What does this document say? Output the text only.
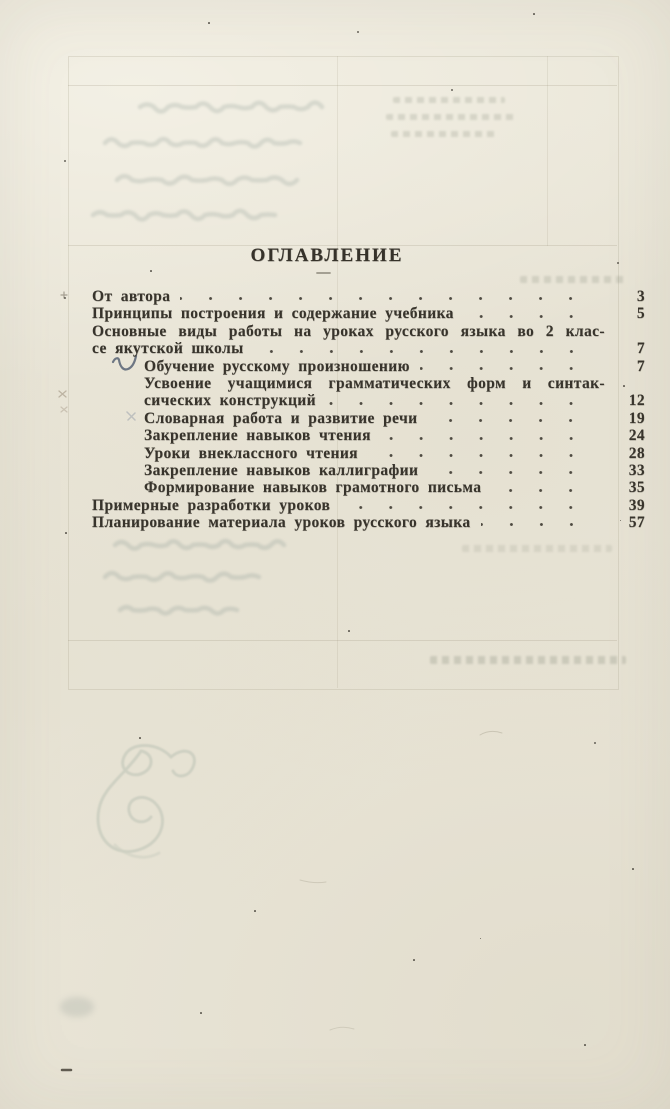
ОГЛАВЛЕНИЕ
От автора	3
Принципы построения и содержание учебника	5
Основные виды работы на уроках русского языка во 2 клас-
се якутской школы	7
Обучение русскому произношению	7
Усвоение учащимися грамматических форм и синтак-
сических конструкций	12
Словарная работа и развитие речи	19
Закрепление навыков чтения	24
Уроки внеклассного чтения	28
Закрепление навыков каллиграфии	33
Формирование навыков грамотного письма	35
Примерные разработки уроков	39
Планирование материала уроков русского языка	57
